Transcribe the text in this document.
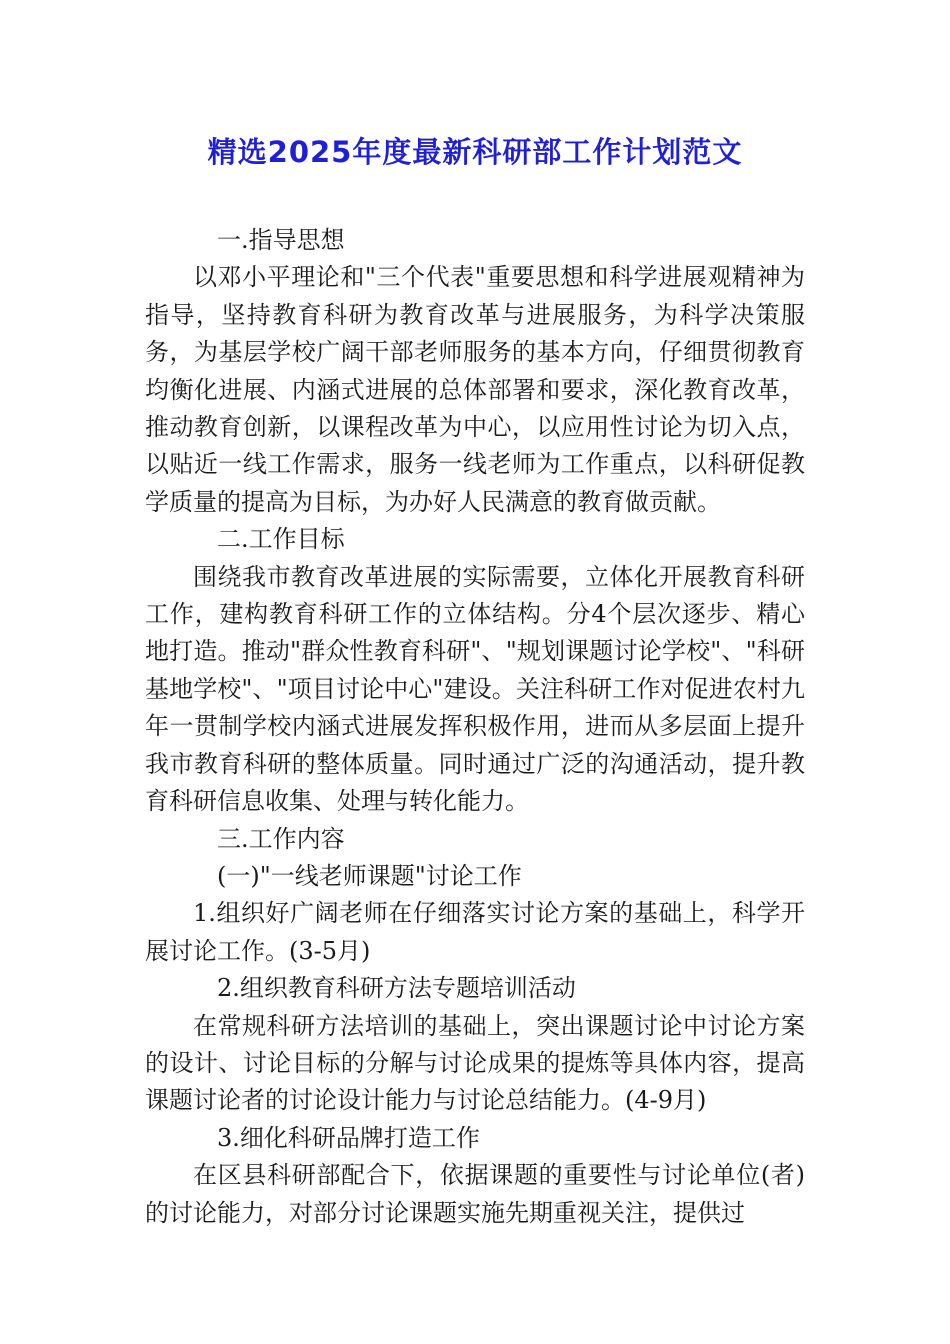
精选2025年度最新科研部工作计划范文

一.指导思想

以邓小平理论和"三个代表"重要思想和科学进展观精神为指导，坚持教育科研为教育改革与进展服务，为科学决策服务，为基层学校广阔干部老师服务的基本方向，仔细贯彻教育均衡化进展、内涵式进展的总体部署和要求，深化教育改革，推动教育创新，以课程改革为中心，以应用性讨论为切入点，以贴近一线工作需求，服务一线老师为工作重点，以科研促教学质量的提高为目标，为办好人民满意的教育做贡献。

二.工作目标

围绕我市教育改革进展的实际需要，立体化开展教育科研工作，建构教育科研工作的立体结构。分4个层次逐步、精心地打造。推动"群众性教育科研"、"规划课题讨论学校"、"科研基地学校"、"项目讨论中心"建设。关注科研工作对促进农村九年一贯制学校内涵式进展发挥积极作用，进而从多层面上提升我市教育科研的整体质量。同时通过广泛的沟通活动，提升教育科研信息收集、处理与转化能力。

三.工作内容

(一)"一线老师课题"讨论工作

1.组织好广阔老师在仔细落实讨论方案的基础上，科学开展讨论工作。(3-5月)

2.组织教育科研方法专题培训活动

在常规科研方法培训的基础上，突出课题讨论中讨论方案的设计、讨论目标的分解与讨论成果的提炼等具体内容，提高课题讨论者的讨论设计能力与讨论总结能力。(4-9月)

3.细化科研品牌打造工作

在区县科研部配合下，依据课题的重要性与讨论单位(者)的讨论能力，对部分讨论课题实施先期重视关注，提供过
